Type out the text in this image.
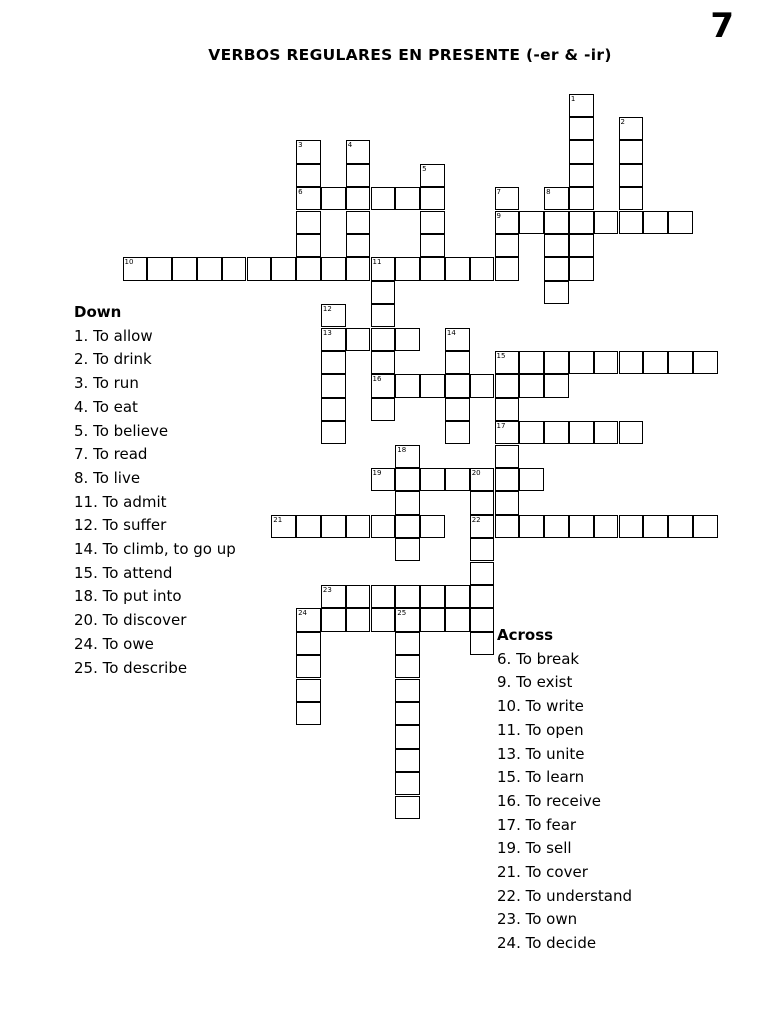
7
VERBOS REGULARES EN PRESENTE (-er & -ir)
6
9
10	11
13
15
16
17
19	20
21	22
23
24	25
1
2
3	4
5
7	8
12
14
18
Down
1. To allow
2. To drink
3. To run
4. To eat
5. To believe
7. To read
8. To live
11. To admit
12. To suffer
14. To climb, to go up
15. To attend
18. To put into
20. To discover
24. To owe
25. To describe
Across
6. To break
9. To exist
10. To write
11. To open
13. To unite
15. To learn
16. To receive
17. To fear
19. To sell
21. To cover
22. To understand
23. To own
24. To decide
